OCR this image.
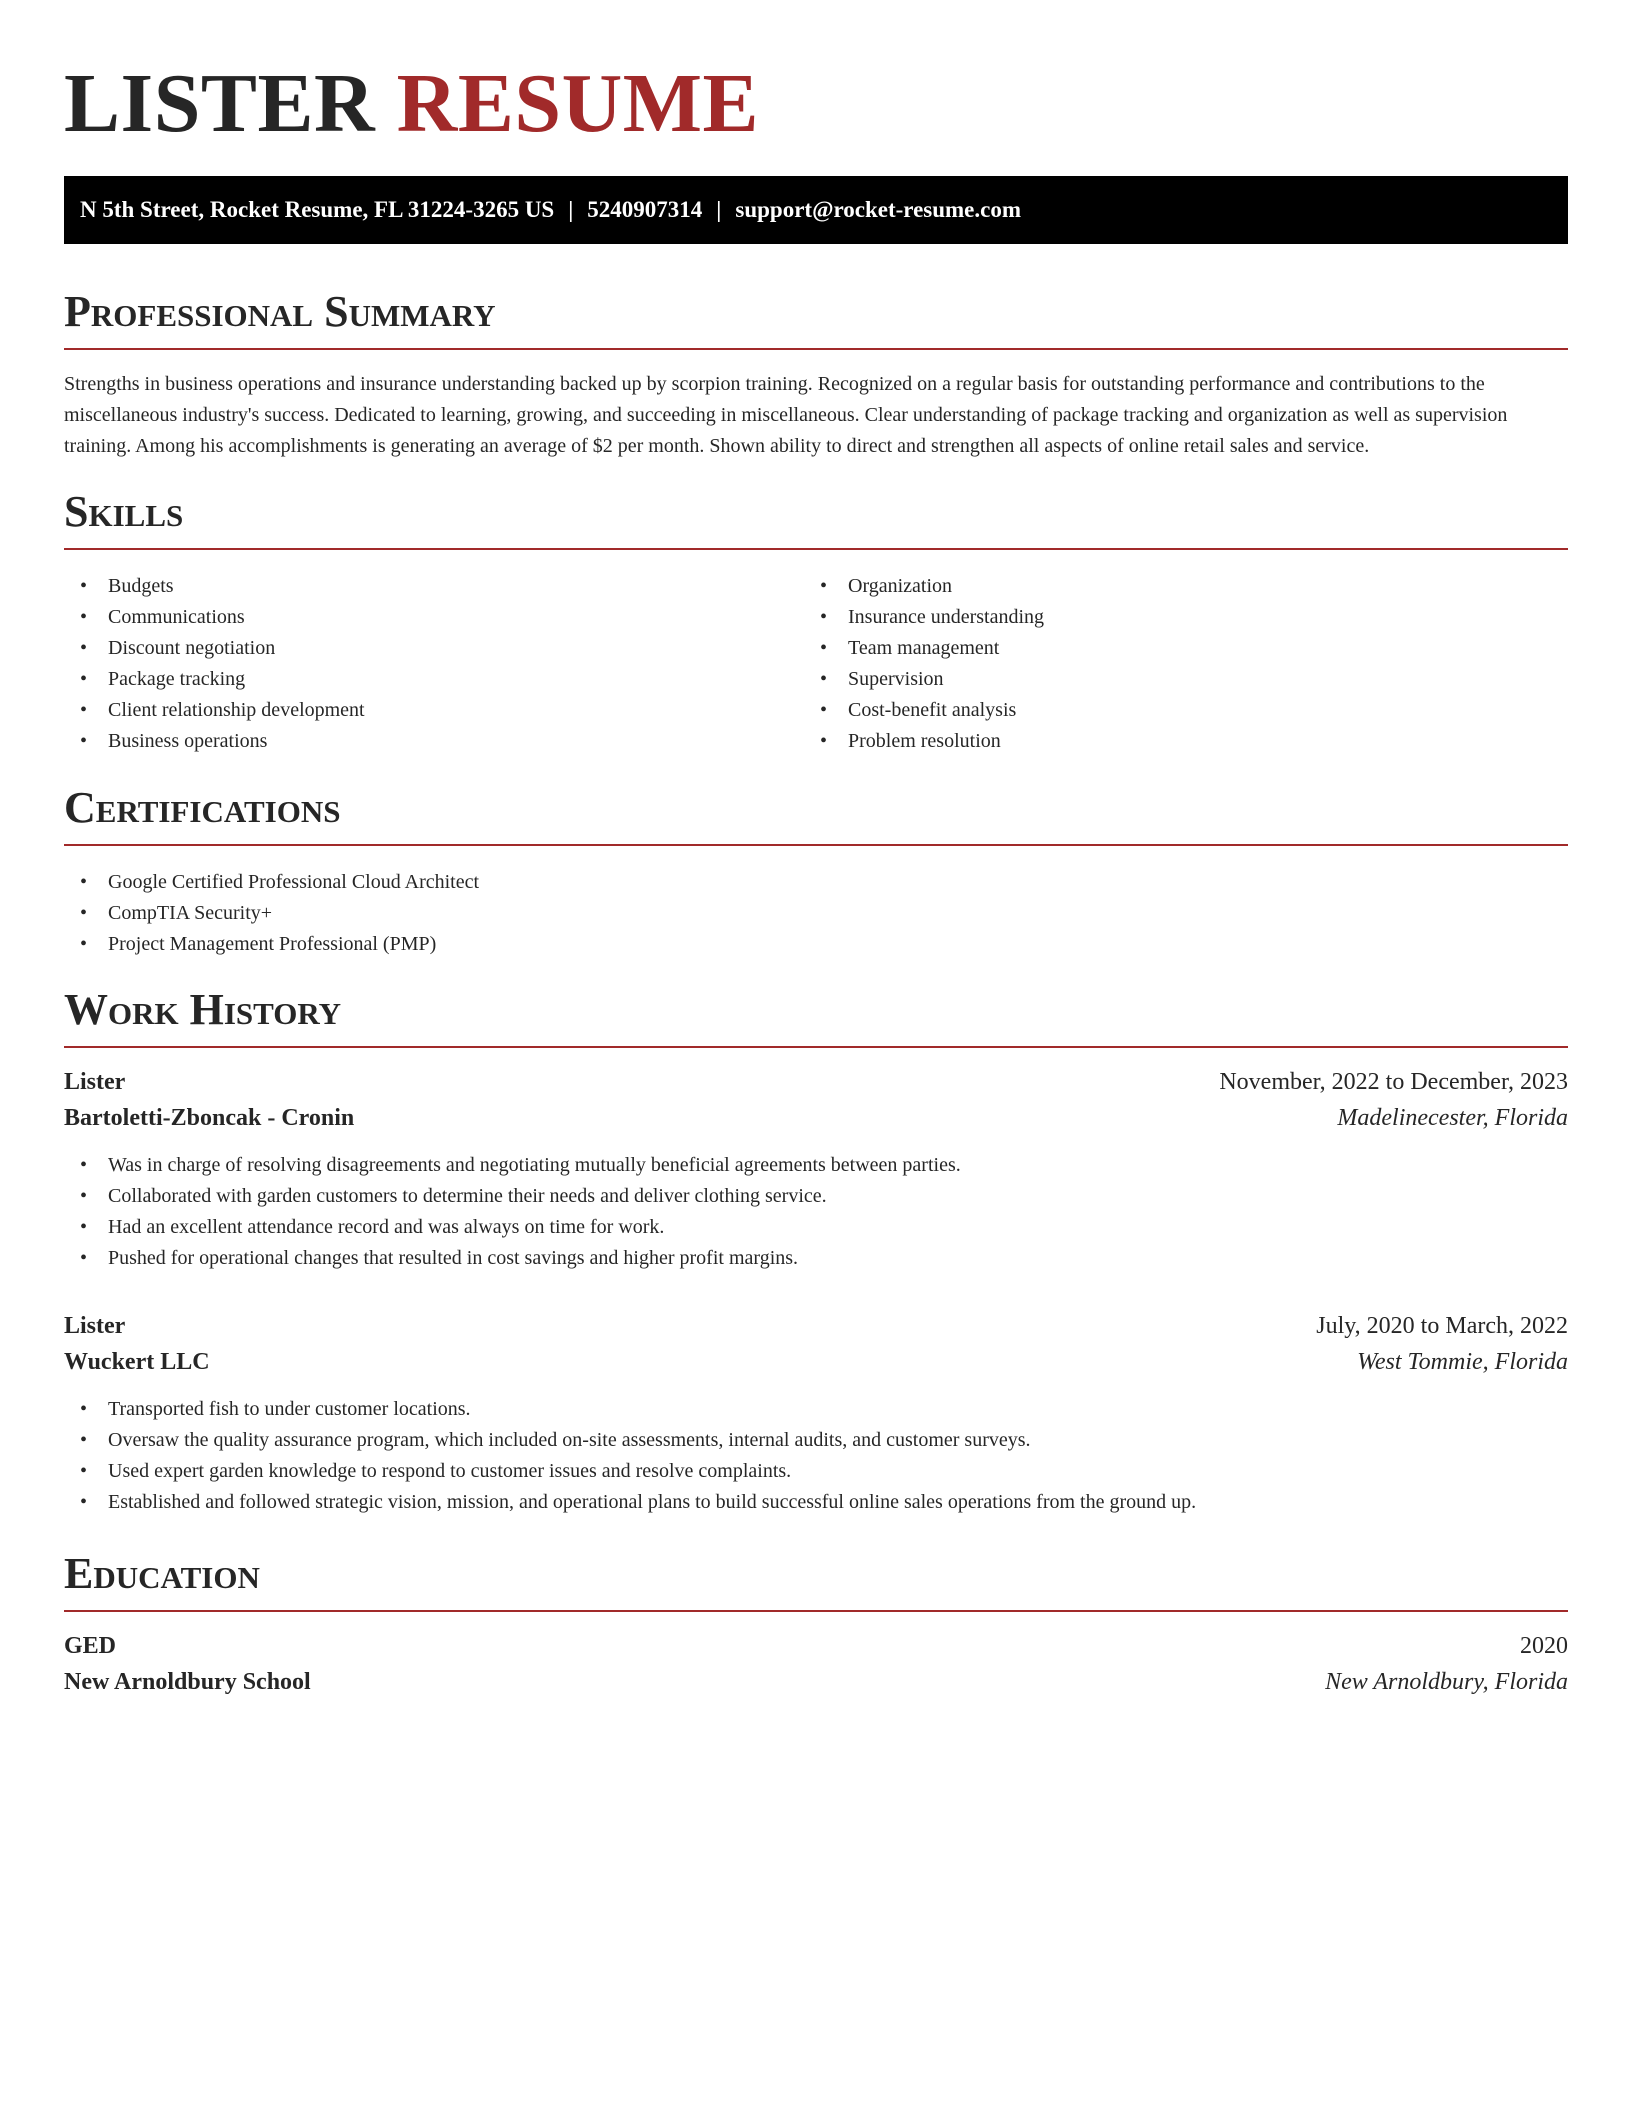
LISTER RESUME
N 5th Street, Rocket Resume, FL 31224-3265 US | 5240907314 | support@rocket-resume.com
Professional Summary
Strengths in business operations and insurance understanding backed up by scorpion training. Recognized on a regular basis for outstanding performance and contributions to the miscellaneous industry's success. Dedicated to learning, growing, and succeeding in miscellaneous. Clear understanding of package tracking and organization as well as supervision training. Among his accomplishments is generating an average of $2 per month. Shown ability to direct and strengthen all aspects of online retail sales and service.
Skills
• Budgets
• Communications
• Discount negotiation
• Package tracking
• Client relationship development
• Business operations
• Organization
• Insurance understanding
• Team management
• Supervision
• Cost-benefit analysis
• Problem resolution
Certifications
• Google Certified Professional Cloud Architect
• CompTIA Security+
• Project Management Professional (PMP)
Work History
Lister	November, 2022 to December, 2023
Bartoletti-Zboncak - Cronin	Madelinecester, Florida
• Was in charge of resolving disagreements and negotiating mutually beneficial agreements between parties.
• Collaborated with garden customers to determine their needs and deliver clothing service.
• Had an excellent attendance record and was always on time for work.
• Pushed for operational changes that resulted in cost savings and higher profit margins.
Lister	July, 2020 to March, 2022
Wuckert LLC	West Tommie, Florida
• Transported fish to under customer locations.
• Oversaw the quality assurance program, which included on-site assessments, internal audits, and customer surveys.
• Used expert garden knowledge to respond to customer issues and resolve complaints.
• Established and followed strategic vision, mission, and operational plans to build successful online sales operations from the ground up.
Education
GED	2020
New Arnoldbury School	New Arnoldbury, Florida
